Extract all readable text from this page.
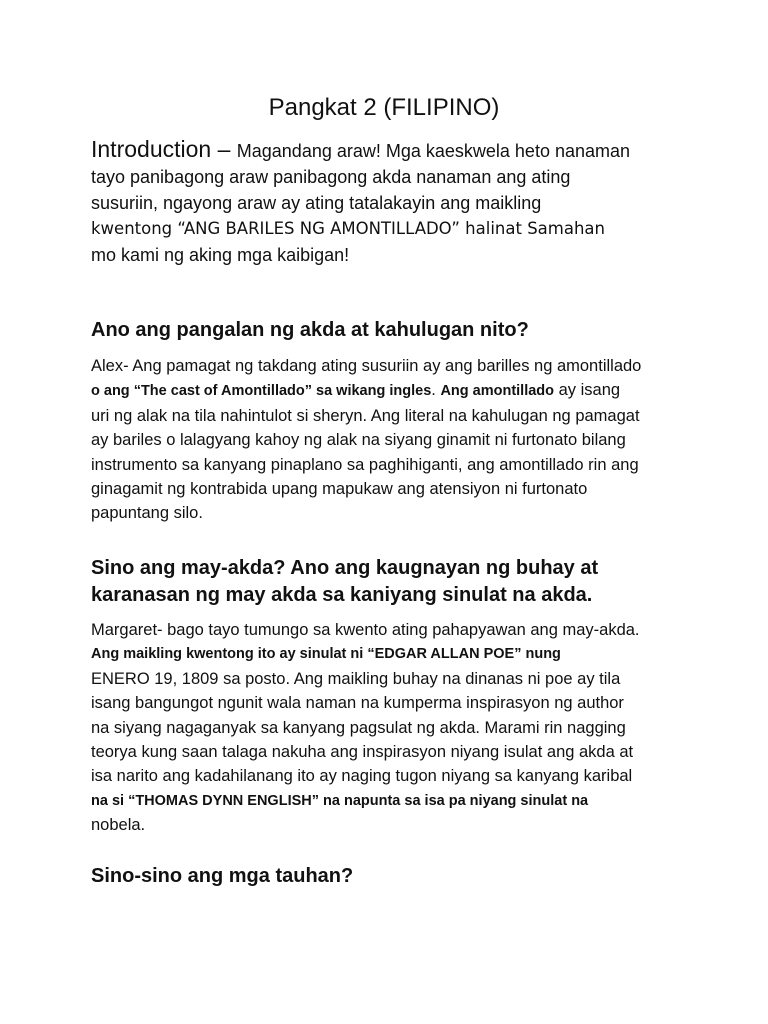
Pangkat 2 (FILIPINO)
Introduction – Magandang araw! Mga kaeskwela heto nanaman
tayo panibagong araw panibagong akda nanaman ang ating
susuriin, ngayong araw ay ating tatalakayin ang maikling
kwentong “ANG BARILES NG AMONTILLADO” halinat Samahan
mo kami ng aking mga kaibigan!
Ano ang pangalan ng akda at kahulugan nito?
Alex- Ang pamagat ng takdang ating susuriin ay ang barilles ng amontillado
o ang “The cast of Amontillado” sa wikang ingles. Ang amontillado ay isang
uri ng alak na tila nahintulot si sheryn. Ang literal na kahulugan ng pamagat
ay bariles o lalagyang kahoy ng alak na siyang ginamit ni furtonato bilang
instrumento sa kanyang pinaplano sa paghihiganti, ang amontillado rin ang
ginagamit ng kontrabida upang mapukaw ang atensiyon ni furtonato
papuntang silo.
Sino ang may-akda? Ano ang kaugnayan ng buhay at
karanasan ng may akda sa kaniyang sinulat na akda.
Margaret- bago tayo tumungo sa kwento ating pahapyawan ang may-akda.
Ang maikling kwentong ito ay sinulat ni “EDGAR ALLAN POE” nung
ENERO 19, 1809 sa posto. Ang maikling buhay na dinanas ni poe ay tila
isang bangungot ngunit wala naman na kumperma inspirasyon ng author
na siyang nagaganyak sa kanyang pagsulat ng akda. Marami rin nagging
teorya kung saan talaga nakuha ang inspirasyon niyang isulat ang akda at
isa narito ang kadahilanang ito ay naging tugon niyang sa kanyang karibal
na si “THOMAS DYNN ENGLISH” na napunta sa isa pa niyang sinulat na
nobela.
Sino-sino ang mga tauhan?
